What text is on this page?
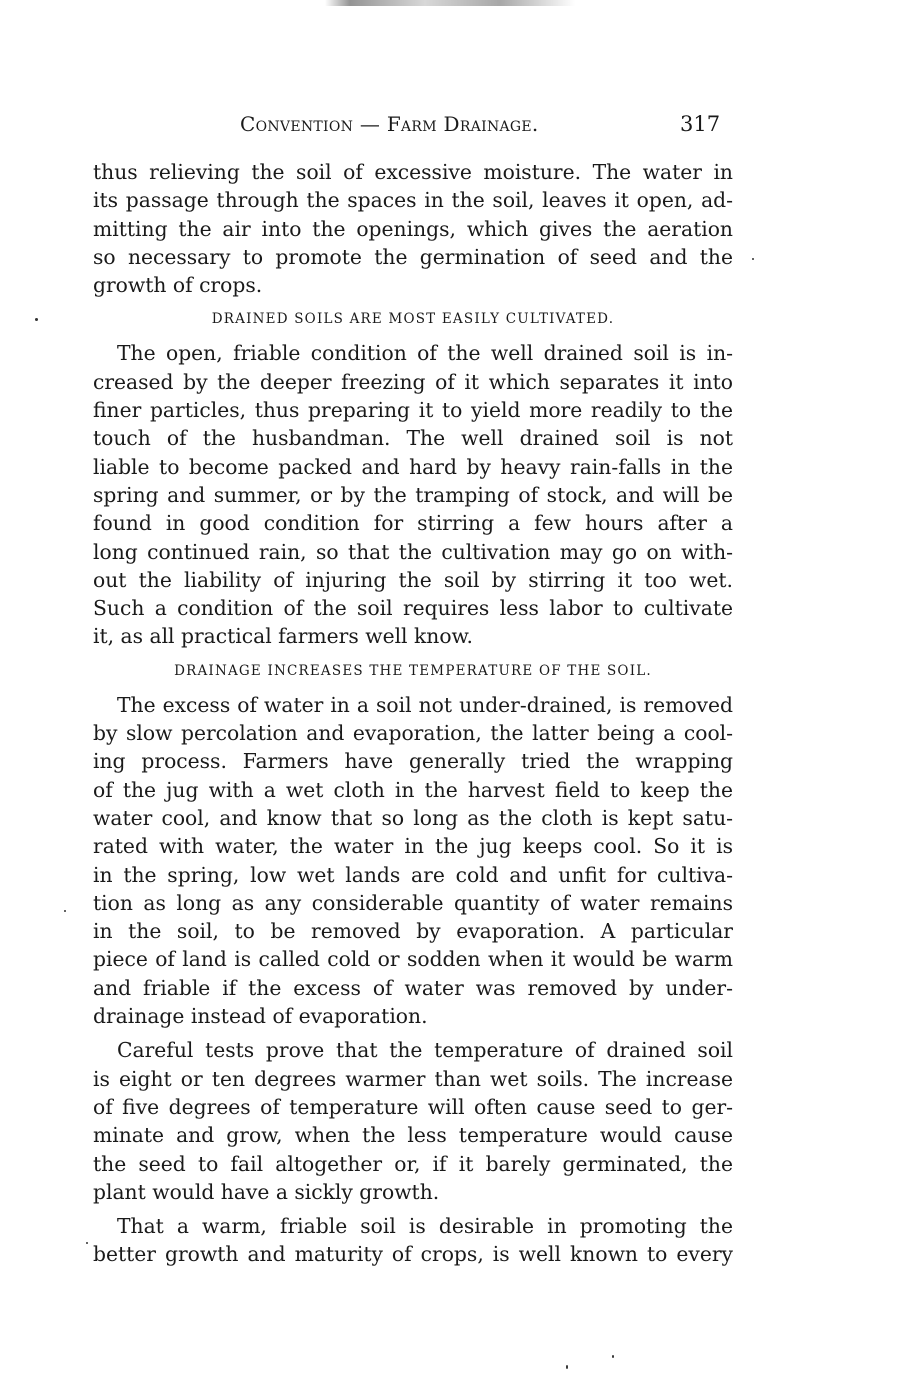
Convention — Farm Drainage.	317
thus relieving the soil of excessive moisture. The water in
its passage through the spaces in the soil, leaves it open, ad-
mitting the air into the openings, which gives the aeration
so necessary to promote the germination of seed and the
growth of crops.
DRAINED SOILS ARE MOST EASILY CULTIVATED.
The open, friable condition of the well drained soil is in-
creased by the deeper freezing of it which separates it into
finer particles, thus preparing it to yield more readily to the
touch of the husbandman. The well drained soil is not
liable to become packed and hard by heavy rain-falls in the
spring and summer, or by the tramping of stock, and will be
found in good condition for stirring a few hours after a
long continued rain, so that the cultivation may go on with-
out the liability of injuring the soil by stirring it too wet.
Such a condition of the soil requires less labor to cultivate
it, as all practical farmers well know.
DRAINAGE INCREASES THE TEMPERATURE OF THE SOIL.
The excess of water in a soil not under-drained, is removed
by slow percolation and evaporation, the latter being a cool-
ing process. Farmers have generally tried the wrapping
of the jug with a wet cloth in the harvest field to keep the
water cool, and know that so long as the cloth is kept satu-
rated with water, the water in the jug keeps cool. So it is
in the spring, low wet lands are cold and unfit for cultiva-
tion as long as any considerable quantity of water remains
in the soil, to be removed by evaporation. A particular
piece of land is called cold or sodden when it would be warm
and friable if the excess of water was removed by under-
drainage instead of evaporation.
Careful tests prove that the temperature of drained soil
is eight or ten degrees warmer than wet soils. The increase
of five degrees of temperature will often cause seed to ger-
minate and grow, when the less temperature would cause
the seed to fail altogether or, if it barely germinated, the
plant would have a sickly growth.
That a warm, friable soil is desirable in promoting the
better growth and maturity of crops, is well known to every
